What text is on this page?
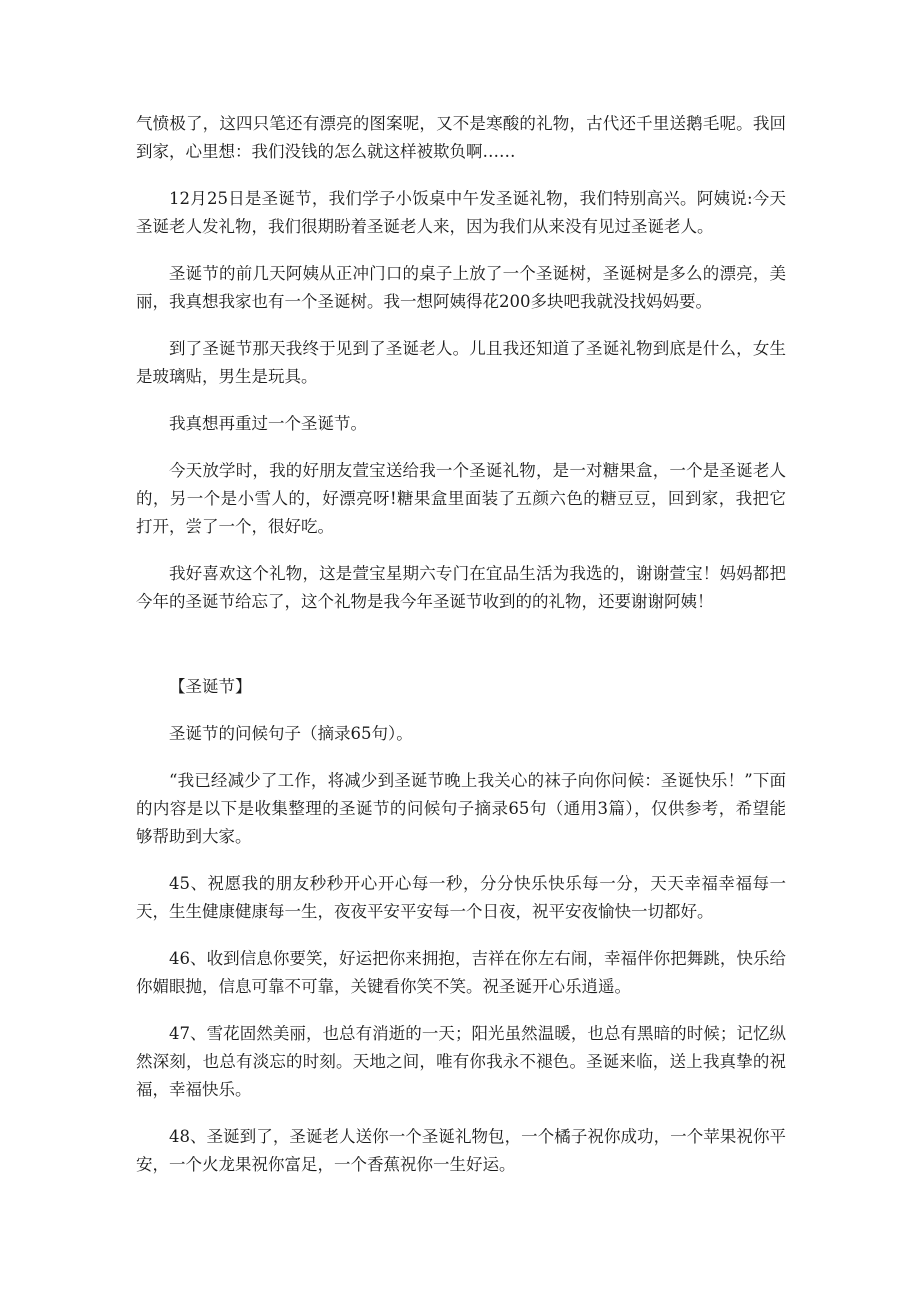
气愤极了，这四只笔还有漂亮的图案呢，又不是寒酸的礼物，古代还千里送鹅毛呢。我回到家，心里想：我们没钱的怎么就这样被欺负啊……

12月25日是圣诞节，我们学子小饭桌中午发圣诞礼物，我们特别高兴。阿姨说:今天圣诞老人发礼物，我们很期盼着圣诞老人来，因为我们从来没有见过圣诞老人。

圣诞节的前几天阿姨从正冲门口的桌子上放了一个圣诞树，圣诞树是多么的漂亮，美丽，我真想我家也有一个圣诞树。我一想阿姨得花200多块吧我就没找妈妈要。

到了圣诞节那天我终于见到了圣诞老人。儿且我还知道了圣诞礼物到底是什么，女生是玻璃贴，男生是玩具。

我真想再重过一个圣诞节。

今天放学时，我的好朋友萱宝送给我一个圣诞礼物，是一对糖果盒，一个是圣诞老人的，另一个是小雪人的，好漂亮呀!糖果盒里面装了五颜六色的糖豆豆，回到家，我把它打开，尝了一个，很好吃。

我好喜欢这个礼物，这是萱宝星期六专门在宜品生活为我选的，谢谢萱宝！妈妈都把今年的圣诞节给忘了，这个礼物是我今年圣诞节收到的的礼物，还要谢谢阿姨！

【圣诞节】

圣诞节的问候句子（摘录65句）。

“我已经减少了工作，将减少到圣诞节晚上我关心的袜子向你问候：圣诞快乐！”下面的内容是以下是收集整理的圣诞节的问候句子摘录65句（通用3篇），仅供参考，希望能够帮助到大家。

45、祝愿我的朋友秒秒开心开心每一秒，分分快乐快乐每一分，天天幸福幸福每一天，生生健康健康每一生，夜夜平安平安每一个日夜，祝平安夜愉快一切都好。

46、收到信息你要笑，好运把你来拥抱，吉祥在你左右闹，幸福伴你把舞跳，快乐给你媚眼抛，信息可靠不可靠，关键看你笑不笑。祝圣诞开心乐逍遥。

47、雪花固然美丽，也总有消逝的一天；阳光虽然温暖，也总有黑暗的时候；记忆纵然深刻，也总有淡忘的时刻。天地之间，唯有你我永不褪色。圣诞来临，送上我真挚的祝福，幸福快乐。

48、圣诞到了，圣诞老人送你一个圣诞礼物包，一个橘子祝你成功，一个苹果祝你平安，一个火龙果祝你富足，一个香蕉祝你一生好运。
